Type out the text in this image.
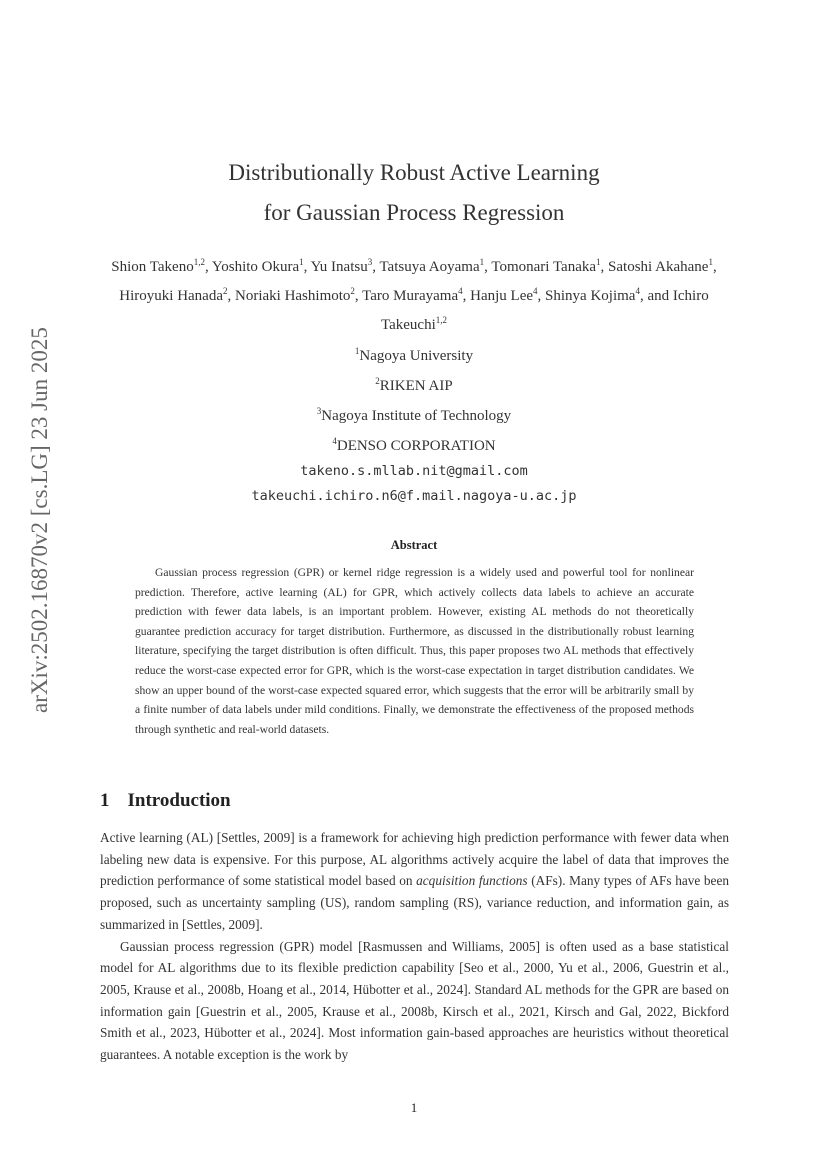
arXiv:2502.16870v2 [cs.LG] 23 Jun 2025
Distributionally Robust Active Learning
for Gaussian Process Regression
Shion Takeno$^{1,2}$, Yoshito Okura$^1$, Yu Inatsu$^3$, Tatsuya Aoyama$^1$, Tomonari Tanaka$^1$, Satoshi Akahane$^1$, Hiroyuki Hanada$^2$, Noriaki Hashimoto$^2$, Taro Murayama$^4$, Hanju Lee$^4$, Shinya Kojima$^4$, and Ichiro Takeuchi$^{1,2}$
$^1$Nagoya University
$^2$RIKEN AIP
$^3$Nagoya Institute of Technology
$^4$DENSO CORPORATION
takeno.s.mllab.nit@gmail.com
takeuchi.ichiro.n6@f.mail.nagoya-u.ac.jp
Abstract
Gaussian process regression (GPR) or kernel ridge regression is a widely used and powerful tool for nonlinear prediction. Therefore, active learning (AL) for GPR, which actively collects data labels to achieve an accurate prediction with fewer data labels, is an important problem. However, existing AL methods do not theoretically guarantee prediction accuracy for target distribution. Furthermore, as discussed in the distributionally robust learning literature, specifying the target distribution is often difficult. Thus, this paper proposes two AL methods that effectively reduce the worst-case expected error for GPR, which is the worst-case expectation in target distribution candidates. We show an upper bound of the worst-case expected squared error, which suggests that the error will be arbitrarily small by a finite number of data labels under mild conditions. Finally, we demonstrate the effectiveness of the proposed methods through synthetic and real-world datasets.
1 Introduction

Active learning (AL) [Settles, 2009] is a framework for achieving high prediction performance with fewer data when labeling new data is expensive. For this purpose, AL algorithms actively acquire the label of data that improves the prediction performance of some statistical model based on acquisition functions (AFs). Many types of AFs have been proposed, such as uncertainty sampling (US), random sampling (RS), variance reduction, and information gain, as summarized in [Settles, 2009].

Gaussian process regression (GPR) model [Rasmussen and Williams, 2005] is often used as a base statistical model for AL algorithms due to its flexible prediction capability [Seo et al., 2000, Yu et al., 2006, Guestrin et al., 2005, Krause et al., 2008b, Hoang et al., 2014, Hübotter et al., 2024]. Standard AL methods for the GPR are based on information gain [Guestrin et al., 2005, Krause et al., 2008b, Kirsch et al., 2021, Kirsch and Gal, 2022, Bickford Smith et al., 2023, Hübotter et al., 2024]. Most information gain-based approaches are heuristics without theoretical guarantees. A notable exception is the work by

1
